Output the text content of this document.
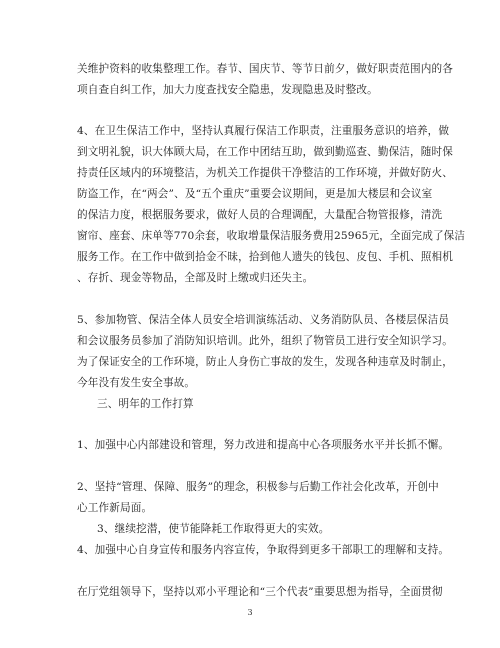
关维护资料的收集整理工作。春节、国庆节、等节日前夕，做好职责范围内的各
项自查自纠工作，加大力度查找安全隐患，发现隐患及时整改。
4、在卫生保洁工作中，坚持认真履行保洁工作职责，注重服务意识的培养，做
到文明礼貌，识大体顾大局，在工作中团结互助，做到勤巡查、勤保洁，随时保
持责任区域内的环境整洁，为机关工作提供干净整洁的工作环境，并做好防火、
防盗工作，在“两会”、及“五个重庆”重要会议期间，更是加大楼层和会议室
的保洁力度，根据服务要求，做好人员的合理调配，大量配合物管报修，清洗
窗帘、座套、床单等770余套，收取增量保洁服务费用25965元，全面完成了保洁
服务工作。在工作中做到拾金不昧，拾到他人遗失的钱包、皮包、手机、照相机
、存折、现金等物品，全部及时上缴或归还失主。
5、参加物管、保洁全体人员安全培训演练活动、义务消防队员、各楼层保洁员
和会议服务员参加了消防知识培训。此外，组织了物管员工进行安全知识学习。
为了保证安全的工作环境，防止人身伤亡事故的发生，发现各种违章及时制止，
今年没有发生安全事故。
三、明年的工作打算
1、加强中心内部建设和管理，努力改进和提高中心各项服务水平并长抓不懈。
2、坚持“管理、保障、服务”的理念，积极参与后勤工作社会化改革，开创中
心工作新局面。
3、继续挖潜，使节能降耗工作取得更大的实效。
4、加强中心自身宣传和服务内容宣传，争取得到更多干部职工的理解和支持。
在厅党组领导下，坚持以邓小平理论和“三个代表”重要思想为指导，全面贯彻
3
